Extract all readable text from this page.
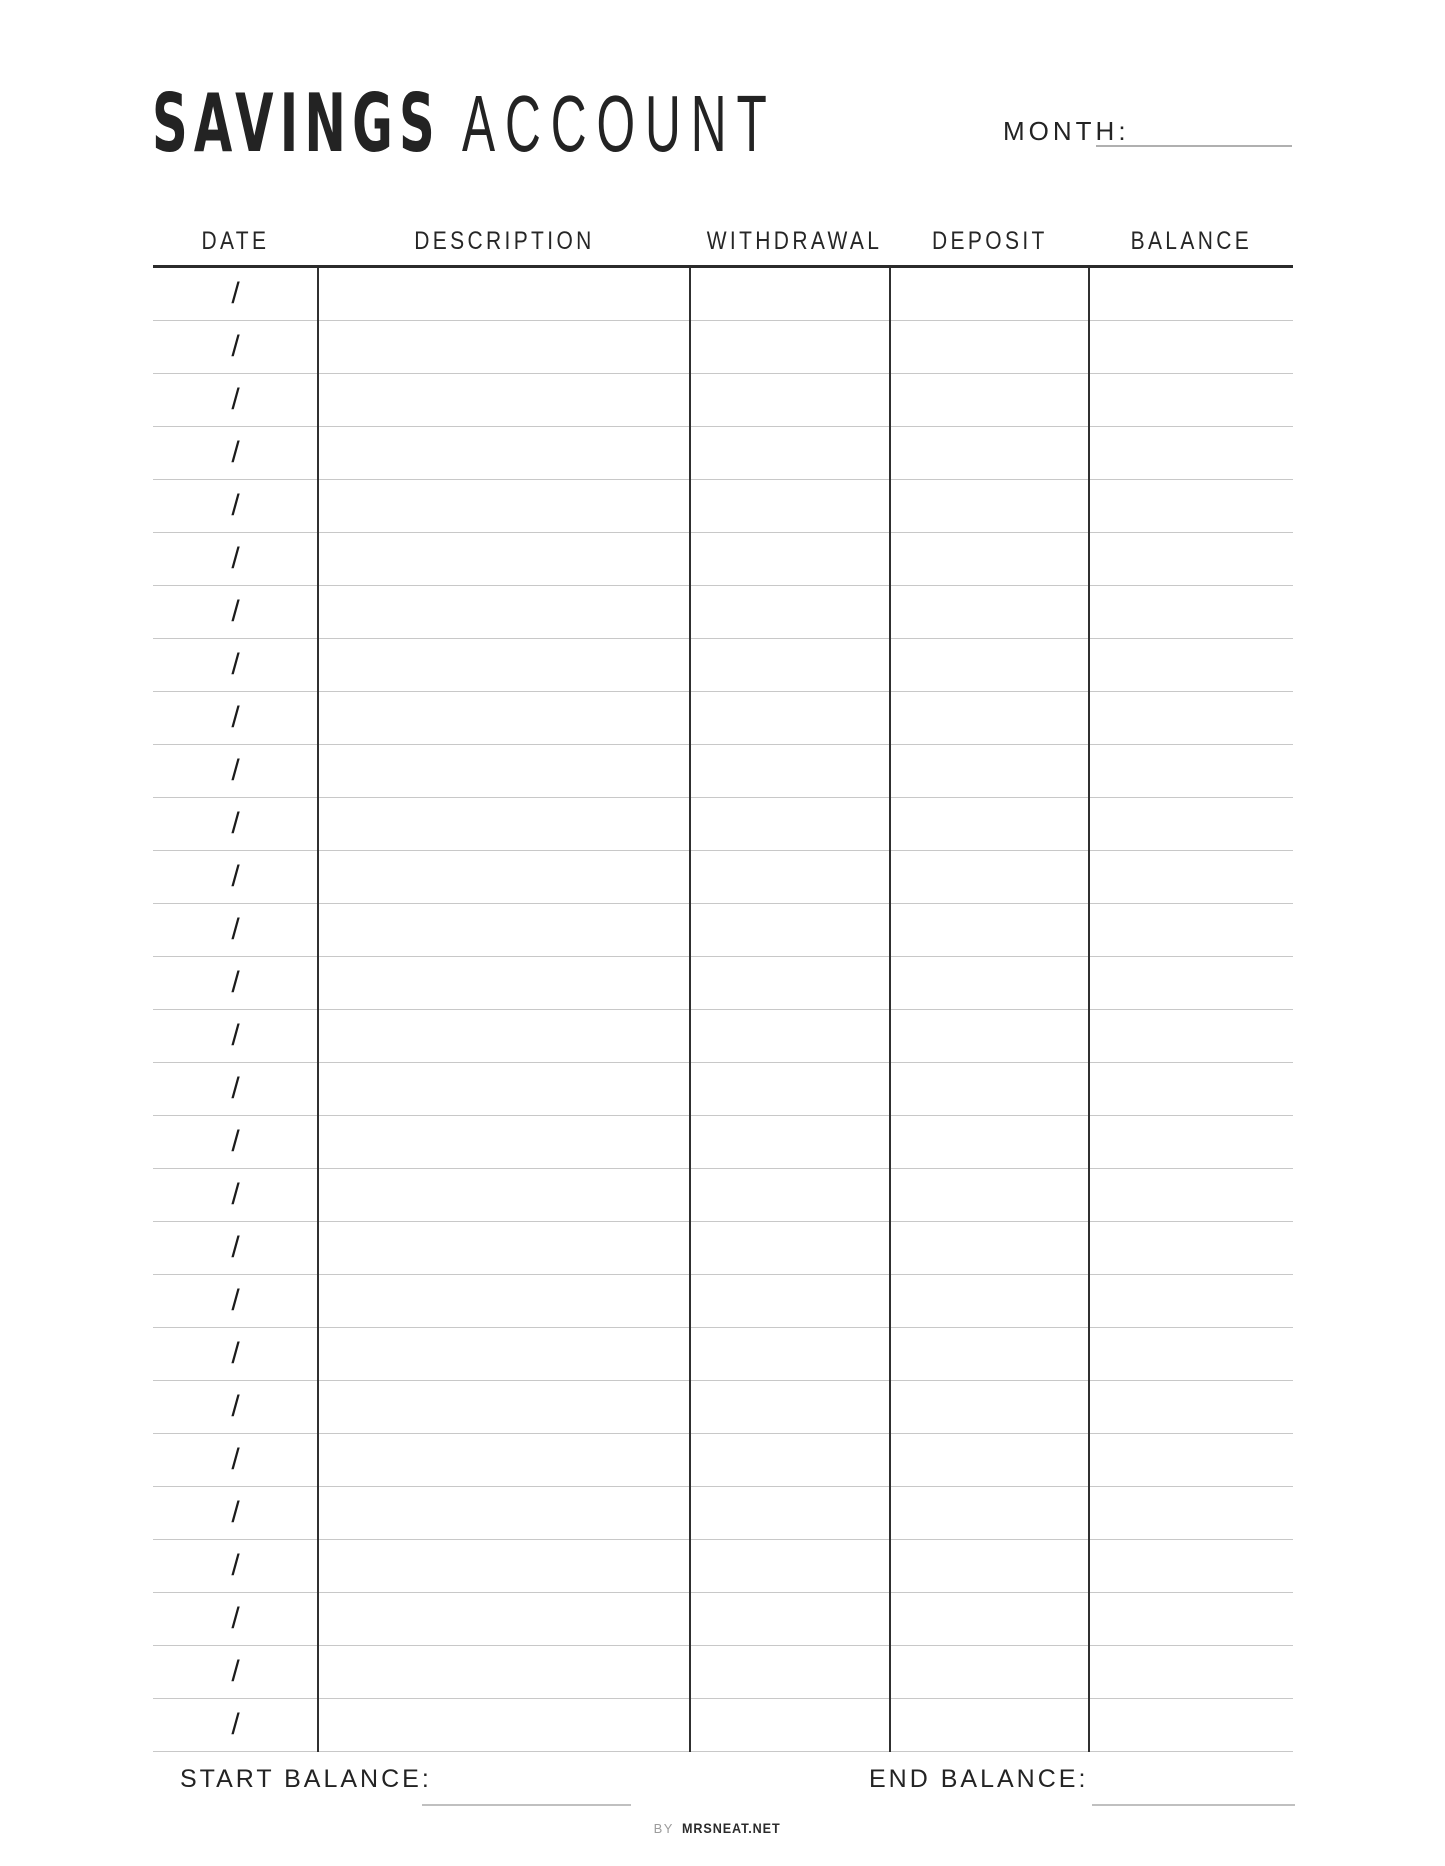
SAVINGS ACCOUNT	MONTH:
DATE	DESCRIPTION	WITHDRAWAL	DEPOSIT	BALANCE
/
/
/
/
/
/
/
/
/
/
/
/
/
/
/
/
/
/
/
/
/
/
/
/
/
/
/
/
START BALANCE:	END BALANCE:
BY MRSNEAT.NET
